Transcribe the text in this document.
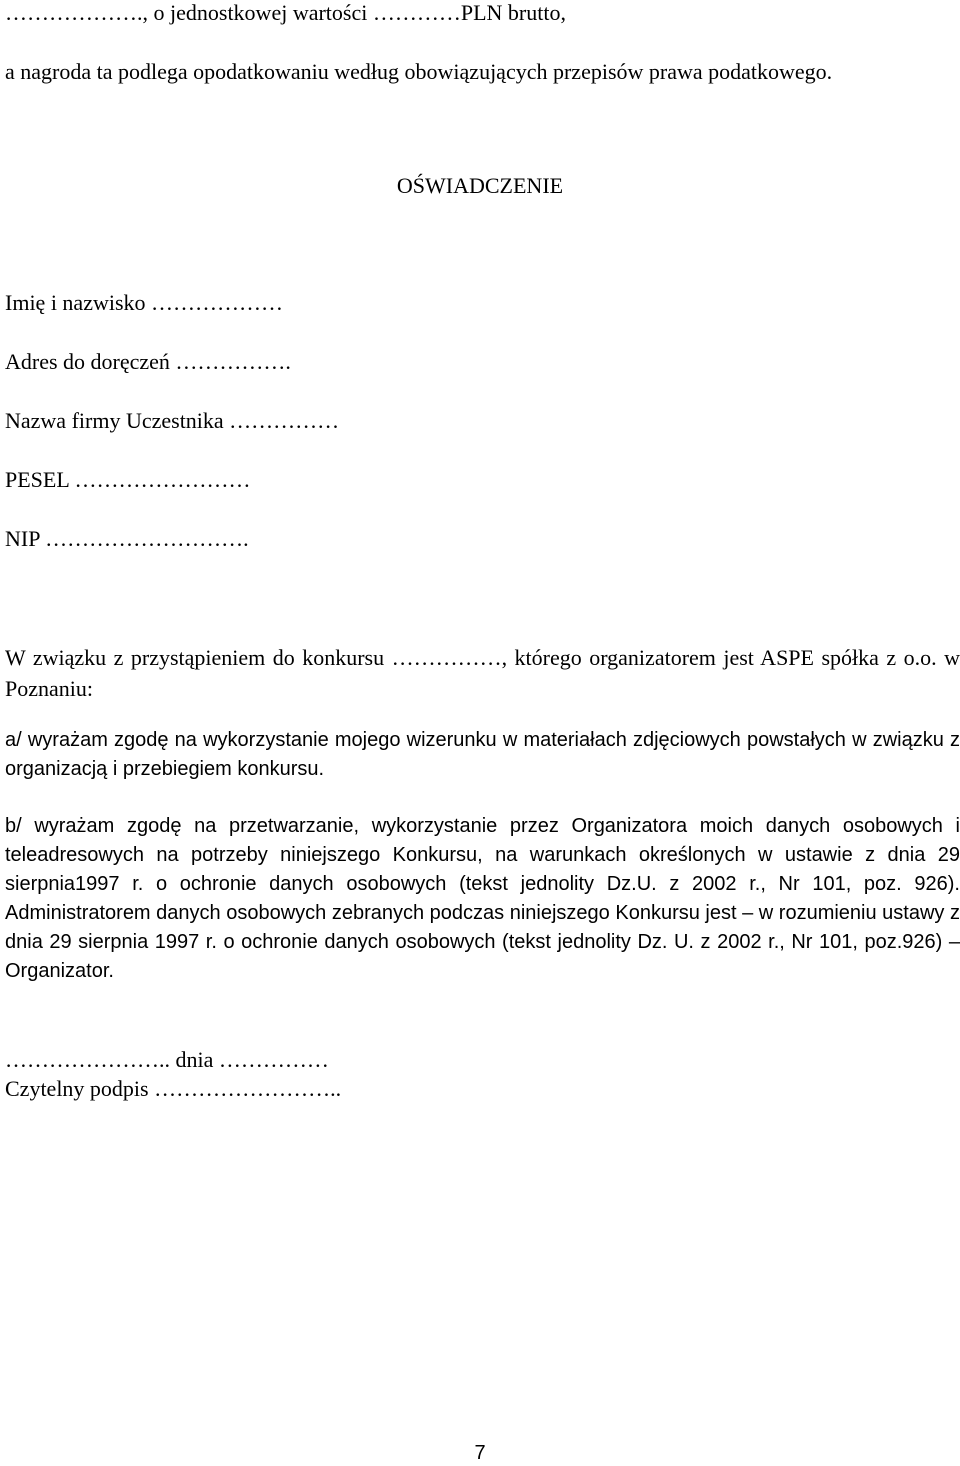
………………., o jednostkowej wartości …………PLN brutto,
a nagroda ta podlega opodatkowaniu według obowiązujących przepisów prawa podatkowego.
OŚWIADCZENIE
Imię i nazwisko ………………
Adres do doręczeń …………….
Nazwa firmy Uczestnika ……………
PESEL ……………………
NIP ……………………….
W związku z przystąpieniem do konkursu ……………, którego organizatorem jest ASPE spółka z o.o. w Poznaniu:
a/ wyrażam zgodę na wykorzystanie mojego wizerunku w materiałach zdjęciowych powstałych w związku z organizacją i przebiegiem konkursu.
b/ wyrażam zgodę na przetwarzanie, wykorzystanie przez Organizatora moich danych osobowych i teleadresowych na potrzeby niniejszego Konkursu, na warunkach określonych w ustawie z dnia 29 sierpnia1997 r. o ochronie danych osobowych (tekst jednolity Dz.U. z 2002 r., Nr 101, poz. 926). Administratorem danych osobowych zebranych podczas niniejszego Konkursu jest – w rozumieniu ustawy z dnia 29 sierpnia 1997 r. o ochronie danych osobowych (tekst jednolity Dz. U. z 2002 r., Nr 101, poz.926) – Organizator.
………………….. dnia ……………
Czytelny podpis ……………………..
7
